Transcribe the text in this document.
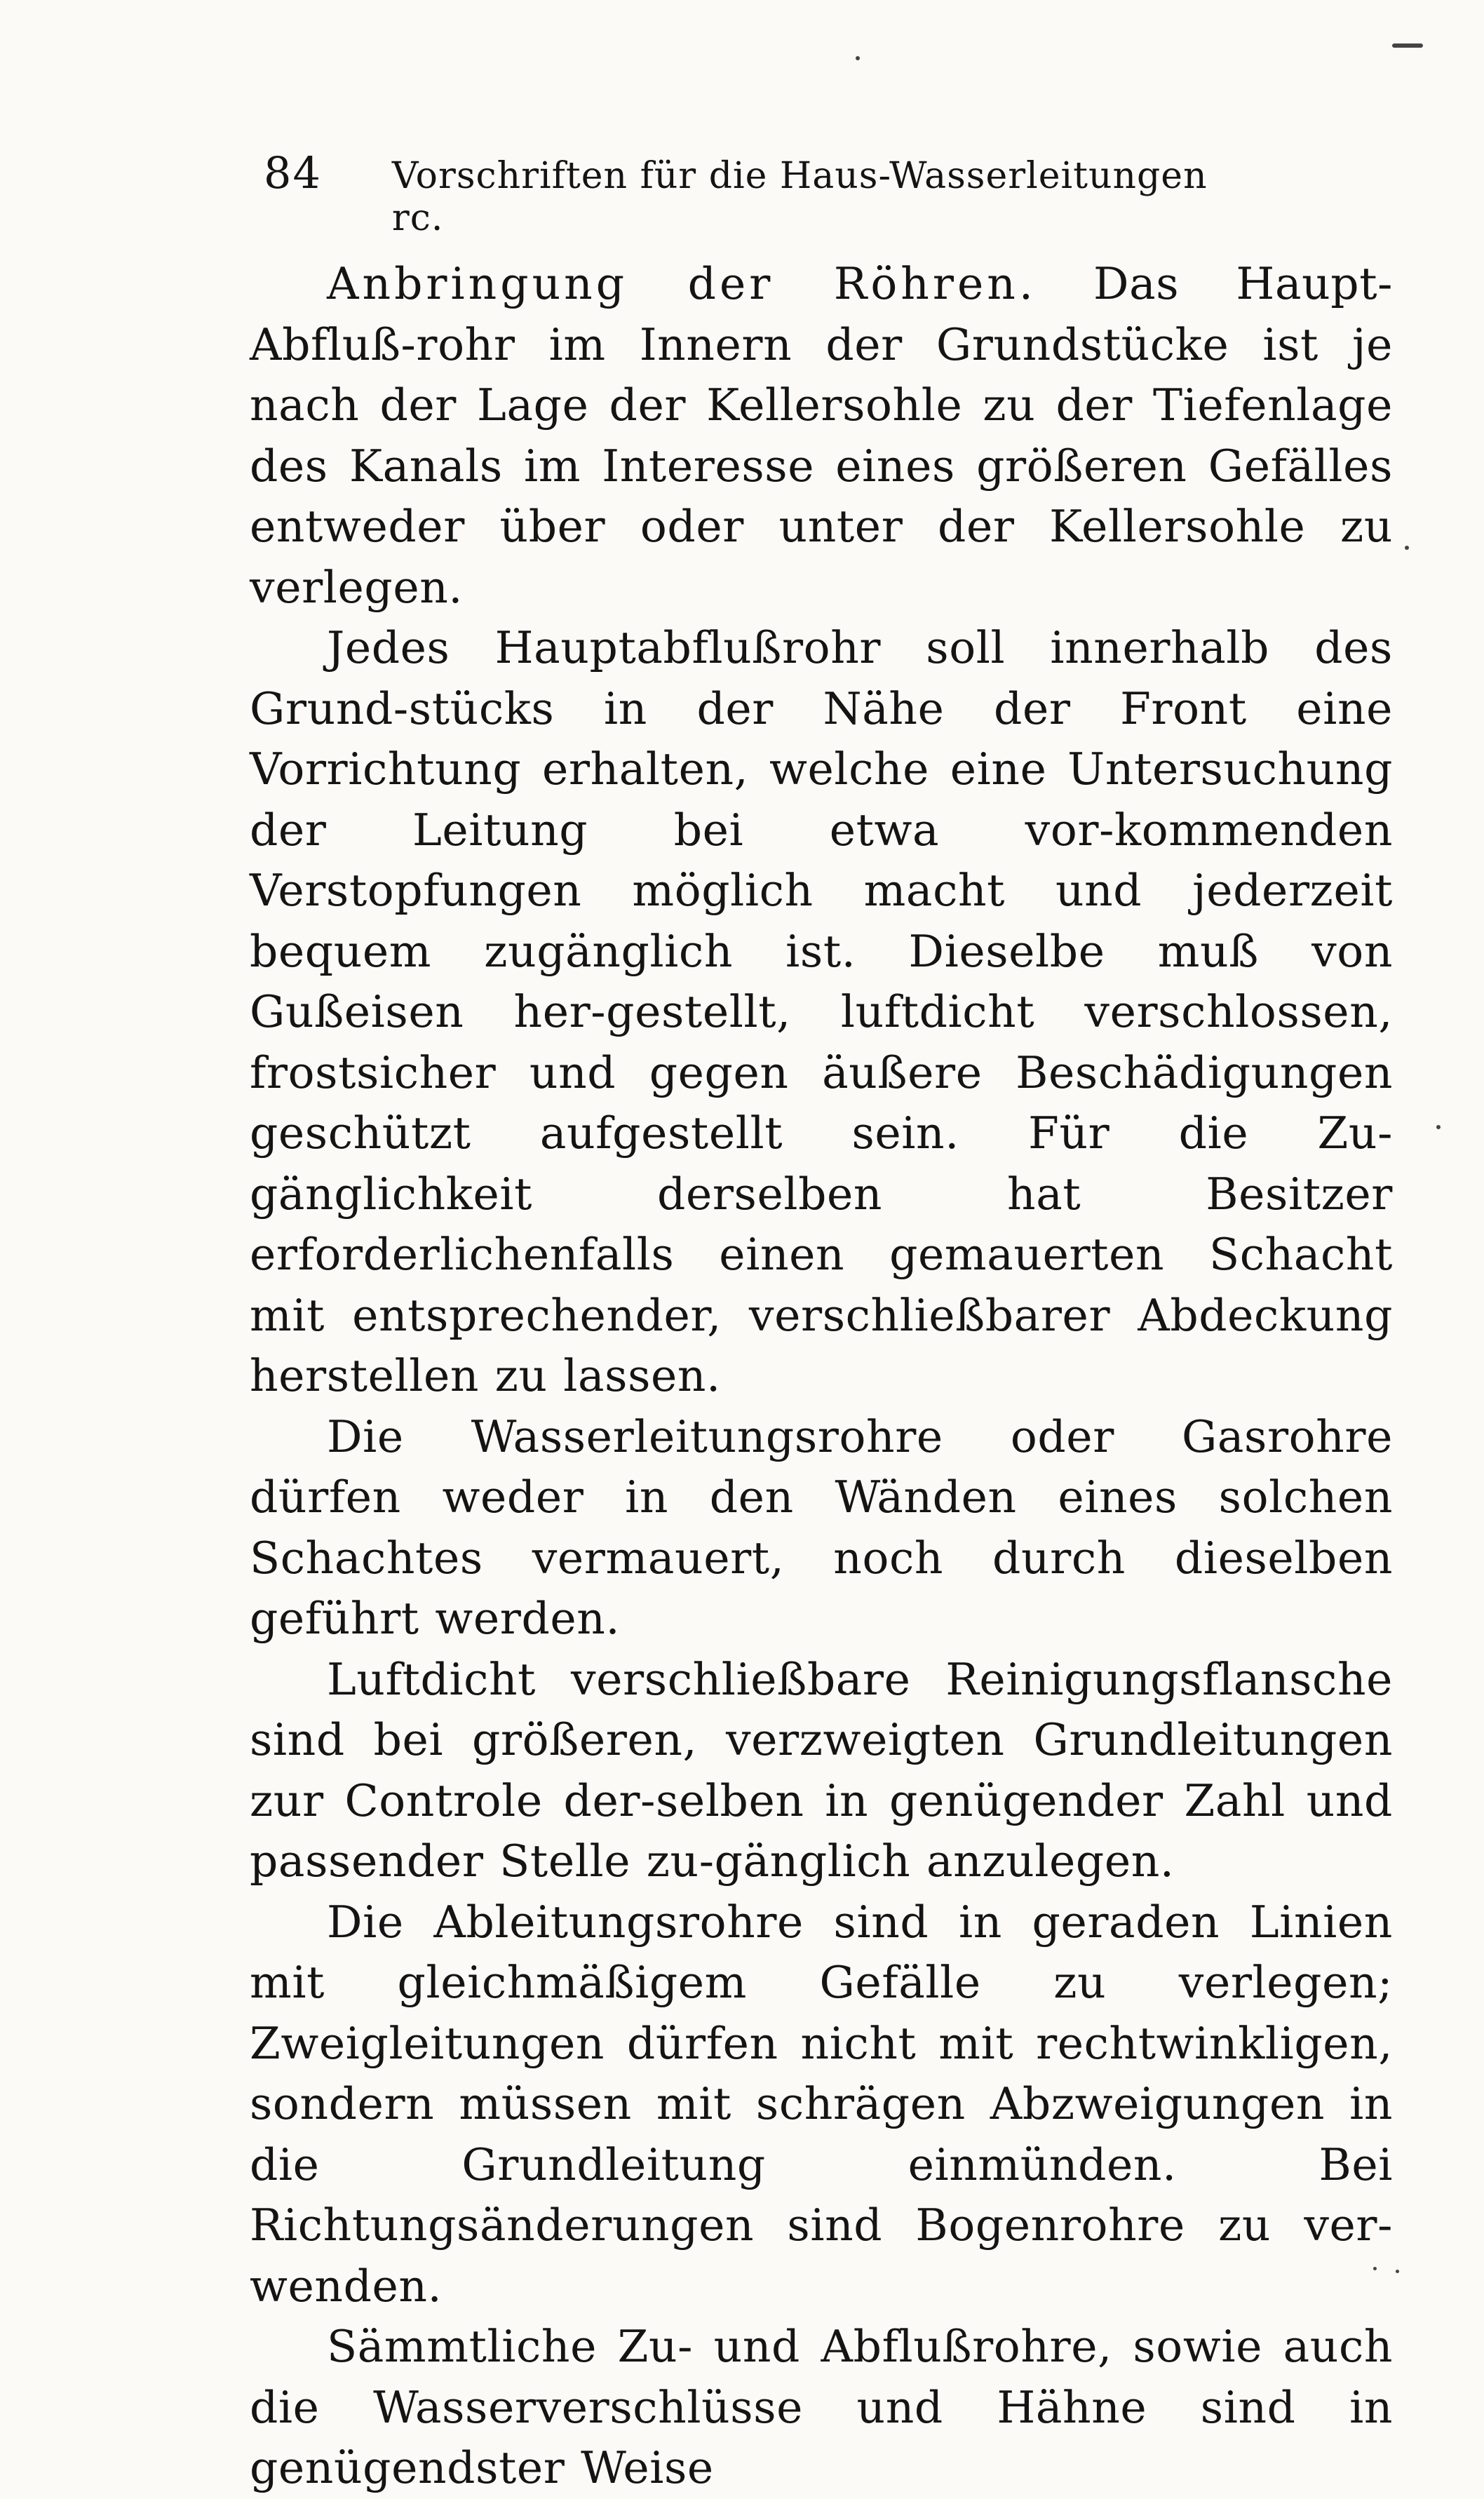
84 Vorschriften für die Haus-Wasserleitungen ⁠rc.

Anbringung der Röhren. Das Haupt-Abfluß-rohr im Innern der Grundstücke ist je nach der Lage der Kellersohle zu der Tiefenlage des Kanals im Interesse eines größeren Gefälles entweder über oder unter der Kellersohle zu verlegen.

Jedes Hauptabflußrohr soll innerhalb des Grund-stücks in der Nähe der Front eine Vorrichtung erhalten, welche eine Untersuchung der Leitung bei etwa vor-kommenden Verstopfungen möglich macht und jederzeit bequem zugänglich ist. Dieselbe muß von Gußeisen her-gestellt, luftdicht verschlossen, frostsicher und gegen äußere Beschädigungen geschützt aufgestellt sein. Für die Zu-gänglichkeit derselben hat Besitzer erforderlichenfalls einen gemauerten Schacht mit entsprechender, verschließbarer Abdeckung herstellen zu lassen.

Die Wasserleitungsrohre oder Gasrohre dürfen weder in den Wänden eines solchen Schachtes vermauert, noch durch dieselben geführt werden.

Luftdicht verschließbare Reinigungsflansche sind bei größeren, verzweigten Grundleitungen zur Controle der-selben in genügender Zahl und passender Stelle zu-gänglich anzulegen.

Die Ableitungsrohre sind in geraden Linien mit gleichmäßigem Gefälle zu verlegen; Zweigleitungen dürfen nicht mit rechtwinkligen, sondern müssen mit schrägen Abzweigungen in die Grundleitung einmünden. Bei Richtungsänderungen sind Bogenrohre zu ver-wenden.

Sämmtliche Zu- und Abflußrohre, sowie auch die Wasserverschlüsse und Hähne sind in genügendster Weise
